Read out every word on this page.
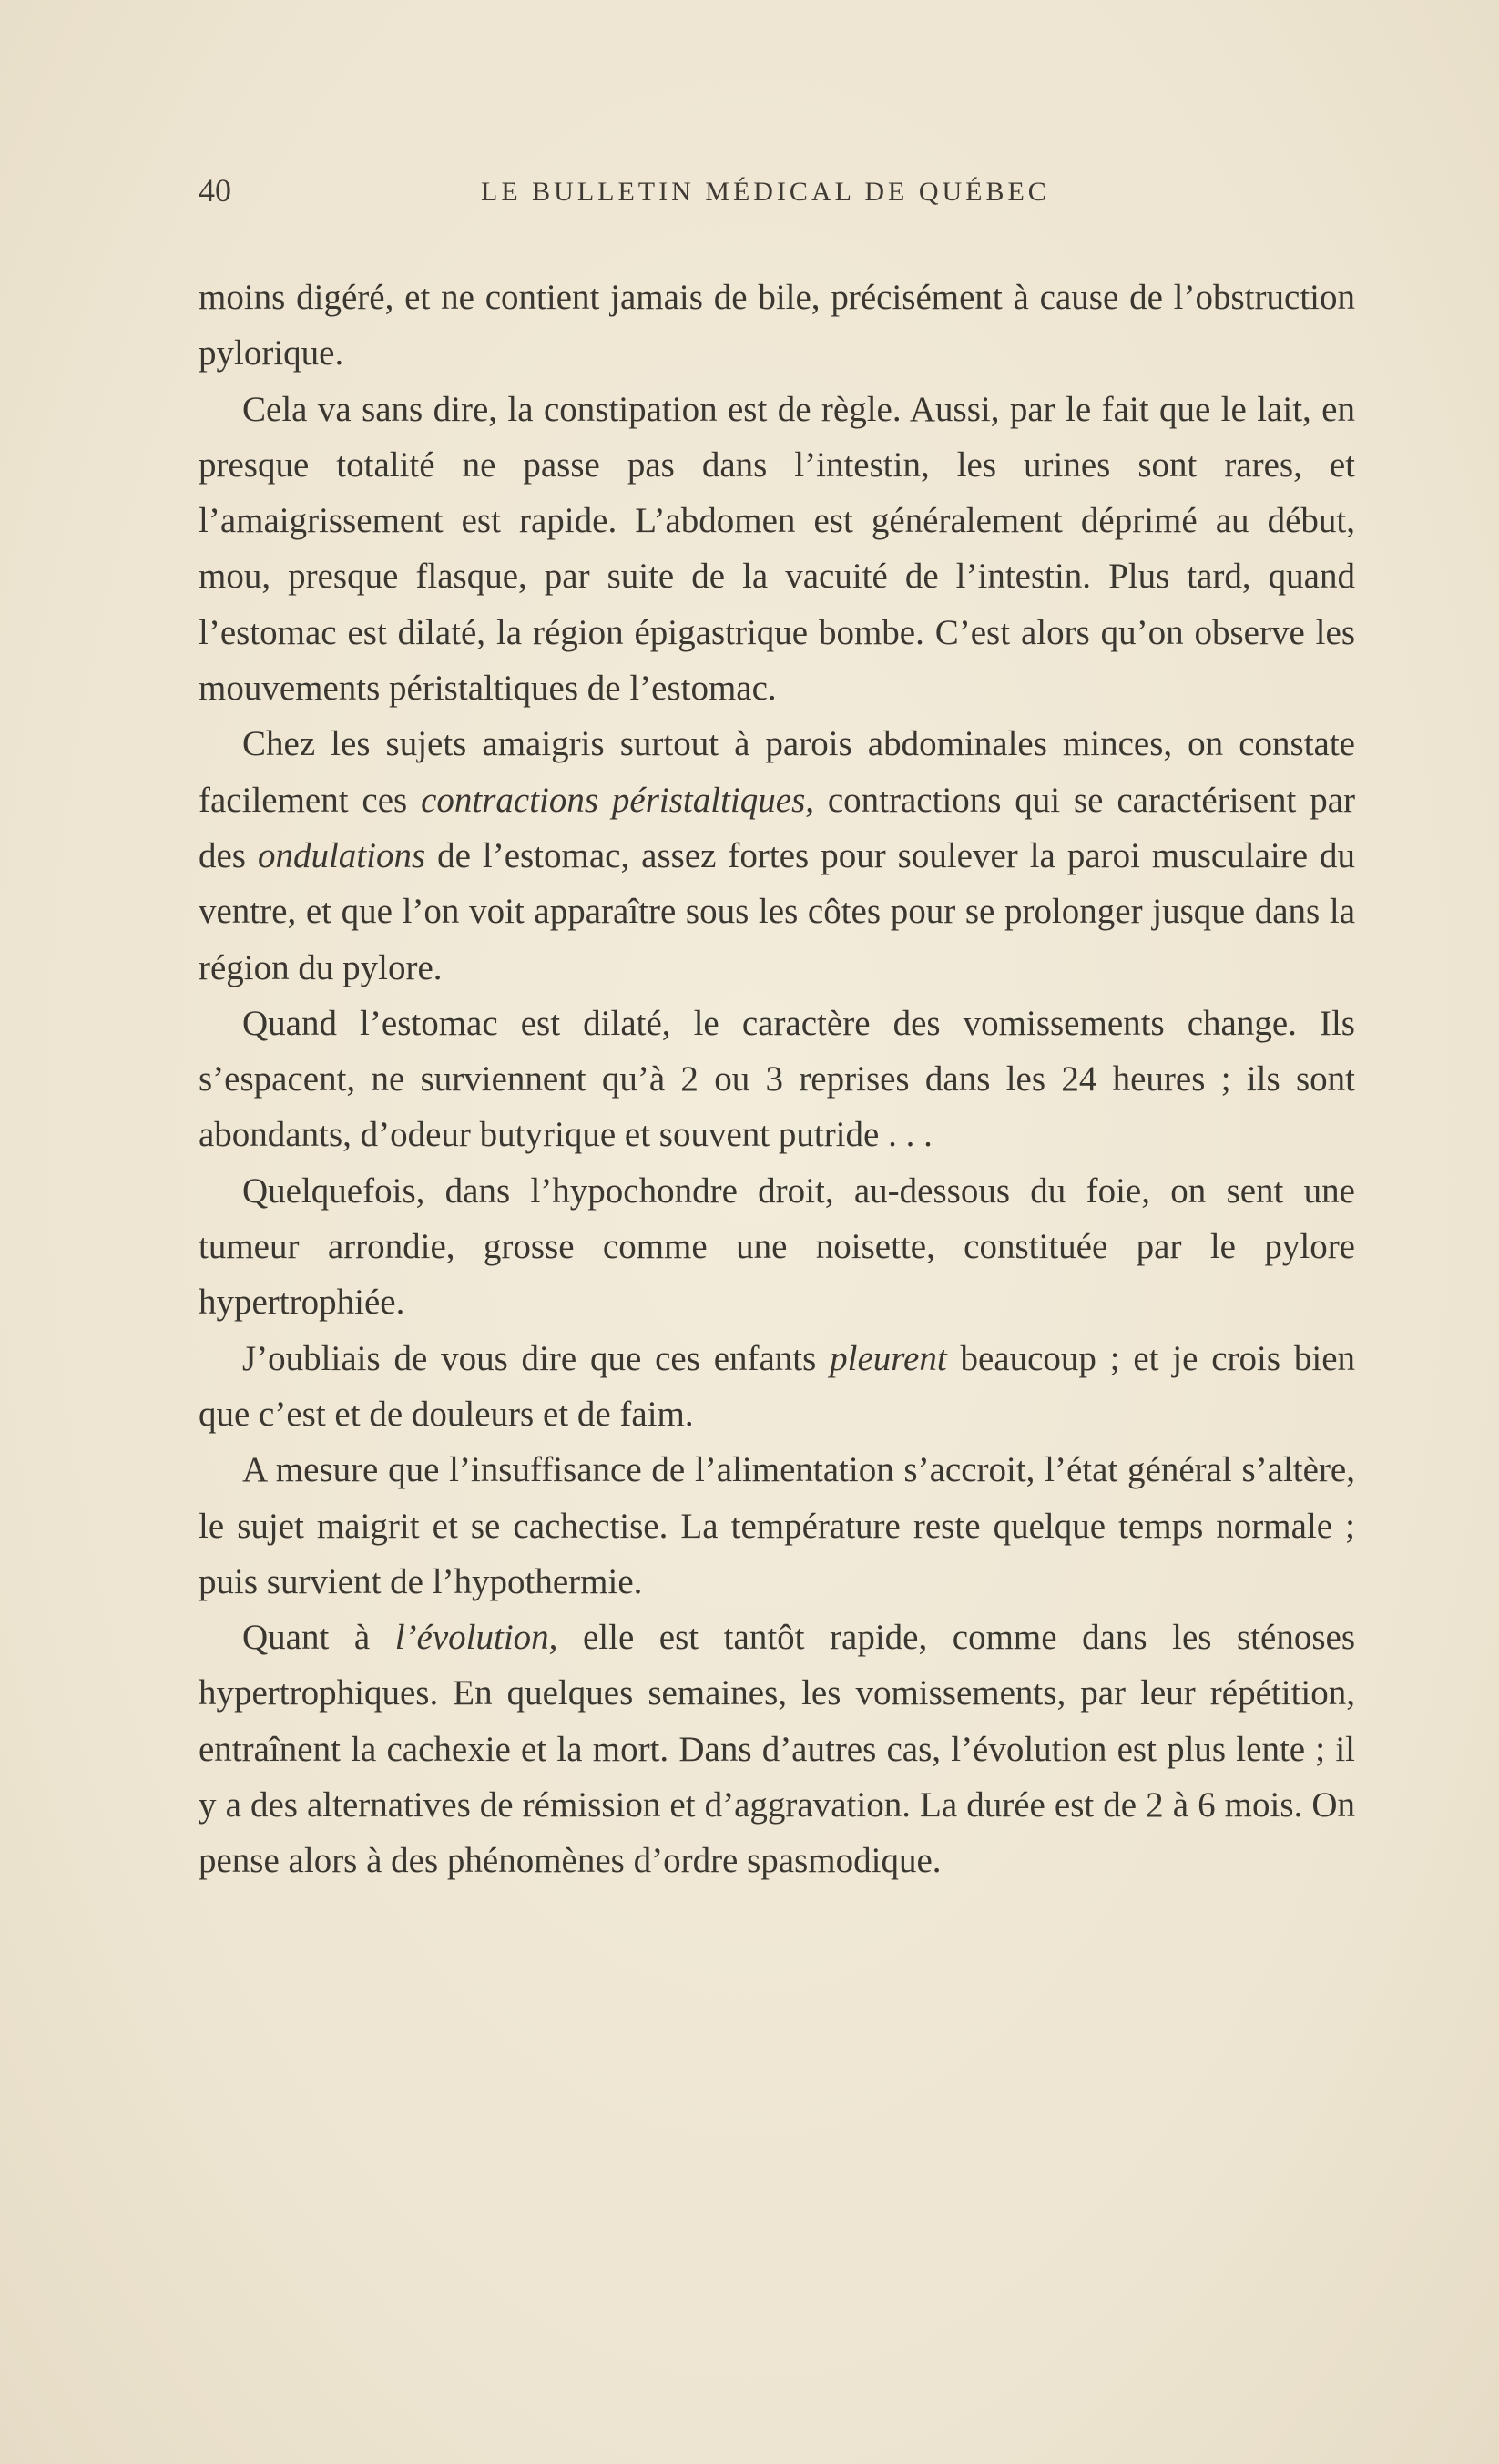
40	LE BULLETIN MÉDICAL DE QUÉBEC

moins digéré, et ne contient jamais de bile, précisément à cause de l’obstruction pylorique.

Cela va sans dire, la constipation est de règle. Aussi, par le fait que le lait, en presque totalité ne passe pas dans l’intestin, les urines sont rares, et l’amaigrissement est rapide. L’abdomen est généralement déprimé au début, mou, presque flasque, par suite de la vacuité de l’intestin. Plus tard, quand l’estomac est dilaté, la région épigastrique bombe. C’est alors qu’on observe les mouvements péristaltiques de l’estomac.

Chez les sujets amaigris surtout à parois abdominales minces, on constate facilement ces contractions péristaltiques, contractions qui se caractérisent par des ondulations de l’estomac, assez fortes pour soulever la paroi musculaire du ventre, et que l’on voit apparaître sous les côtes pour se prolonger jusque dans la région du pylore.

Quand l’estomac est dilaté, le caractère des vomissements change. Ils s’espacent, ne surviennent qu’à 2 ou 3 reprises dans les 24 heures ; ils sont abondants, d’odeur butyrique et souvent putride . . .

Quelquefois, dans l’hypochondre droit, au-dessous du foie, on sent une tumeur arrondie, grosse comme une noisette, constituée par le pylore hypertrophiée.

J’oubliais de vous dire que ces enfants pleurent beaucoup ; et je crois bien que c’est et de douleurs et de faim.

A mesure que l’insuffisance de l’alimentation s’accroit, l’état général s’altère, le sujet maigrit et se cachectise. La température reste quelque temps normale ; puis survient de l’hypothermie.

Quant à l’évolution, elle est tantôt rapide, comme dans les sténoses hypertrophiques. En quelques semaines, les vomissements, par leur répétition, entraînent la cachexie et la mort. Dans d’autres cas, l’évolution est plus lente ; il y a des alternatives de rémission et d’aggravation. La durée est de 2 à 6 mois. On pense alors à des phénomènes d’ordre spasmodique.
